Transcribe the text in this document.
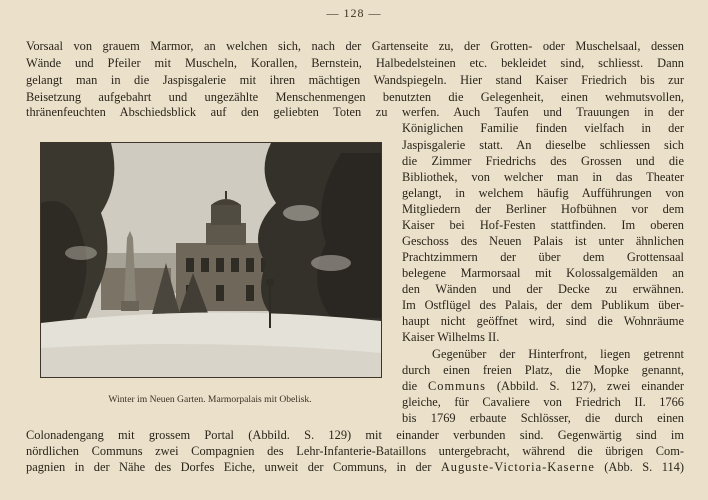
— 128 —
Vorsaal von grauem Marmor, an welchen sich, nach der Gartenseite zu, der Grotten- oder Muschelsaal, dessen
Wände und Pfeiler mit Muscheln, Korallen, Bernstein, Halbedelsteinen etc. bekleidet sind, schliesst. Dann
gelangt man in die Jaspisgalerie mit ihren mächtigen Wandspiegeln. Hier stand Kaiser Friedrich bis zur
Beisetzung aufgebahrt und ungezählte Menschenmengen benutzten die Gelegenheit, einen wehmutsvollen,
thränenfeuchten Abschiedsblick auf den geliebten Toten zu werfen. Auch Taufen und Trauungen in der
Königlichen Familie finden vielfach in der
Jaspisgalerie statt. An dieselbe schliessen sich
die Zimmer Friedrichs des Grossen und die
Bibliothek, von welcher man in das Theater
gelangt, in welchem häufig Aufführungen von
Mitgliedern der Berliner Hofbühnen vor dem
Kaiser bei Hof-Festen stattfinden. Im oberen
Geschoss des Neuen Palais ist unter ähnlichen
Prachtzimmern der über dem Grottensaal
belegene Marmorsaal mit Kolossalgemälden an
den Wänden und der Decke zu erwähnen.
Im Ostflügel des Palais, der dem Publikum über-
haupt nicht geöffnet wird, sind die Wohnräume
Kaiser Wilhelms II.
Gegenüber der Hinterfront, liegen getrennt
durch einen freien Platz, die Mopke genannt,
die Communs (Abbild. S. 127), zwei einander
gleiche, für Cavaliere von Friedrich II. 1766
bis 1769 erbaute Schlösser, die durch einen
Colonadengang mit grossem Portal (Abbild. S. 129) mit einander verbunden sind. Gegenwärtig sind im
nördlichen Communs zwei Compagnien des Lehr-Infanterie-Bataillons untergebracht, während die übrigen Com-
pagnien in der Nähe des Dorfes Eiche, unweit der Communs, in der Auguste-Victoria-Kaserne (Abb. S. 114)
Winter im Neuen Garten. Marmorpalais mit Obelisk.
